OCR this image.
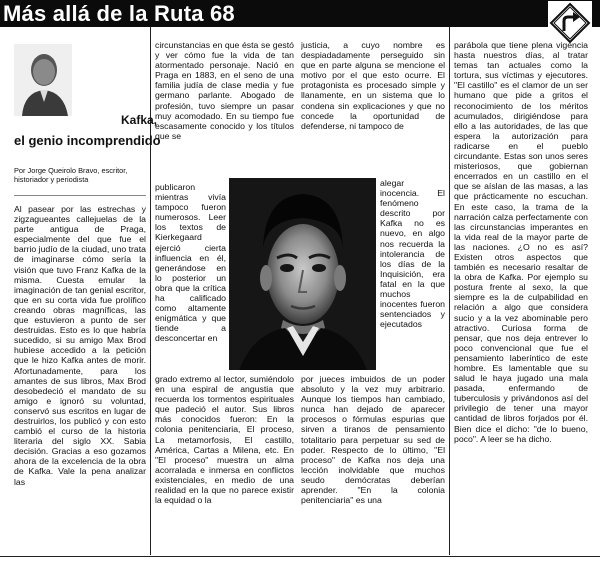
Más allá de la Ruta 68
Kafka,
el genio incomprendido
Por Jorge Queirolo Bravo, escritor, historiador y periodista

Al pasear por las estrechas y zigzagueantes callejuelas de la parte antigua de Praga, especialmente del que fue el barrio judío de la ciudad, uno trata de imaginarse cómo sería la visión que tuvo Franz Kafka de la misma. Cuesta emular la imaginación de tan genial escritor, que en su corta vida fue prolífico creando obras magníficas, las que estuvieron a punto de ser destruidas. Esto es lo que habría sucedido, si su amigo Max Brod hubiese accedido a la petición que le hizo Kafka antes de morir. Afortunadamente, para los amantes de sus libros, Max Brod desobedeció el mandato de su amigo e ignoró su voluntad, conservó sus escritos en lugar de destruirlos, los publicó y con esto cambió el curso de la historia literaria del siglo XX. Sabia decisión. Gracias a eso gozamos ahora de la excelencia de la obra de Kafka. Vale la pena analizar las

circunstancias en que ésta se gestó y ver cómo fue la vida de tan atormentado personaje. Nació en Praga en 1883, en el seno de una familia judía de clase media y fue germano parlante. Abogado de profesión, tuvo siempre un pasar muy acomodado. En su tiempo fue escasamente conocido y los títulos que se

publicaron mientras vivía tampoco fueron numerosos. Leer los textos de Kierkegaard ejerció cierta influencia en él, generándose en lo posterior un obra que la crítica ha calificado como altamente enigmática y que tiende a desconcertar en

grado extremo al lector, sumiéndolo en una espiral de angustia que recuerda los tormentos espirituales que padeció el autor. Sus libros más conocidos fueron: En la colonia penitenciaria, El proceso, La metamorfosis, El castillo, América, Cartas a Milena, etc. En "El proceso" muestra un alma acorralada e inmersa en conflictos existenciales, en medio de una realidad en la que no parece existir la equidad o la

justicia, a cuyo nombre es despiadadamente perseguido sin que en parte alguna se mencione el motivo por el que esto ocurre. El protagonista es procesado simple y llanamente, en un sistema que lo condena sin explicaciones y que no concede la oportunidad de defenderse, ni tampoco de

alegar inocencia. El fenómeno descrito por Kafka no es nuevo, en algo nos recuerda la intolerancia de los días de la Inquisición, era fatal en la que muchos inocentes fueron sentenciados y ejecutados

por jueces imbuidos de un poder absoluto y la vez muy arbitrario. Aunque los tiempos han cambiado, nunca han dejado de aparecer procesos o fórmulas espurias que sirven a tiranos de pensamiento totalitario para perpetuar su sed de poder. Respecto de lo último, "El proceso" de Kafka nos deja una lección inolvidable que muchos seudo demócratas deberían aprender. "En la colonia penitenciaria" es una

parábola que tiene plena vigencia hasta nuestros días, al tratar temas tan actuales como la tortura, sus víctimas y ejecutores. "El castillo" es el clamor de un ser humano que pide a gritos el reconocimiento de los méritos acumulados, dirigiéndose para ello a las autoridades, de las que espera la autorización para radicarse en el pueblo circundante. Estas son unos seres misteriosos, que gobiernan encerrados en un castillo en el que se aíslan de las masas, a las que prácticamente no escuchan. En este caso, la trama de la narración calza perfectamente con las circunstancias imperantes en la vida real de la mayor parte de las naciones. ¿O no es así? Existen otros aspectos que también es necesario resaltar de la obra de Kafka. Por ejemplo su postura frente al sexo, la que siempre es la de culpabilidad en relación a algo que considera sucio y a la vez abominable pero atractivo. Curiosa forma de pensar, que nos deja entrever lo poco convencional que fue el pensamiento laberíntico de este hombre. Es lamentable que su salud le haya jugado una mala pasada, enfermando de tuberculosis y privándonos así del privilegio de tener una mayor cantidad de libros forjados por él. Bien dice el dicho: "de lo bueno, poco". A leer se ha dicho.
